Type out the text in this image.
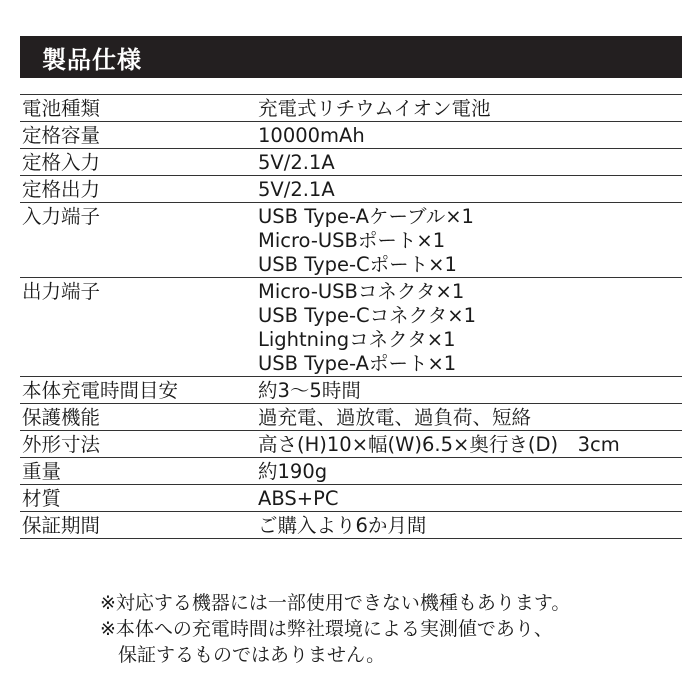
製品仕様
電池種類	充電式リチウムイオン電池

定格容量	10000mAh

定格入力	5V/2.1A

定格出力	5V/2.1A

入力端子	USB Type-Aケーブル×1
Micro-USBポート×1
USB Type-Cポート×1

出力端子	Micro-USBコネクタ×1
USB Type-Cコネクタ×1
Lightningコネクタ×1
USB Type-Aポート×1

本体充電時間目安	約3～5時間

保護機能	過充電、過放電、過負荷、短絡

外形寸法	高さ(H)10×幅(W)6.5×奥行き(D)　3cm

重量	約190g

材質	ABS+PC

保証期間	ご購入より6か月間
※対応する機器には一部使用できない機種もあります。
※本体への充電時間は弊社環境による実測値であり、
保証するものではありません。
